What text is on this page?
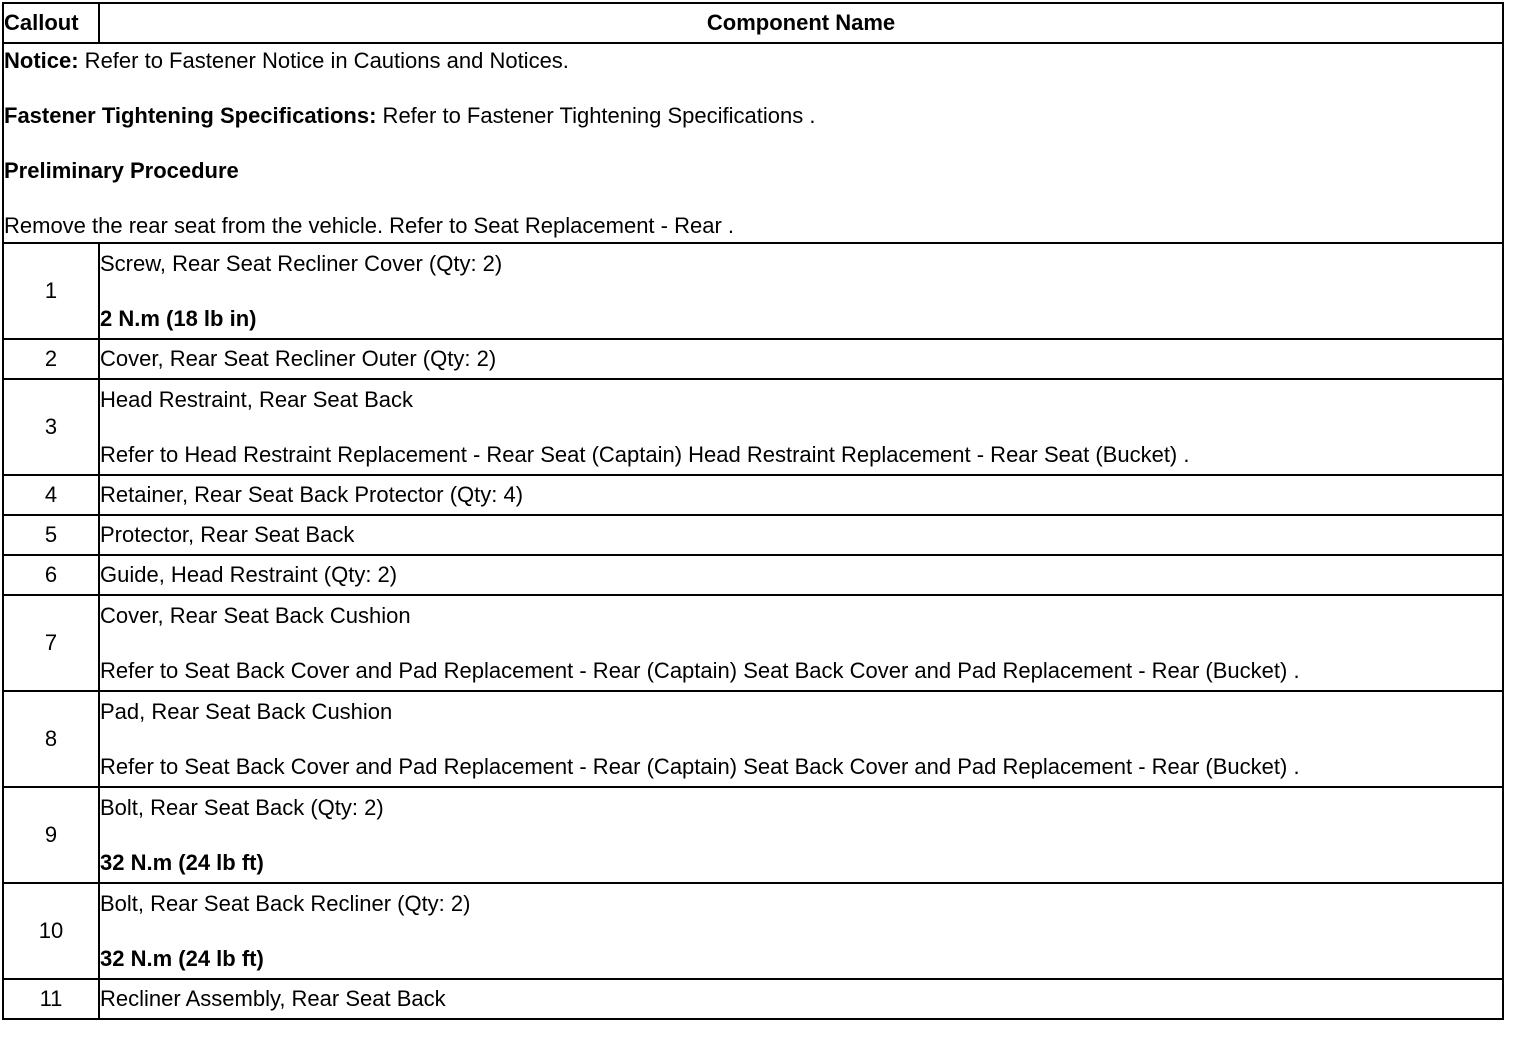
Callout	Component Name

Notice: Refer to Fastener Notice in Cautions and Notices.
Fastener Tightening Specifications: Refer to Fastener Tightening Specifications .
Preliminary Procedure
Remove the rear seat from the vehicle. Refer to Seat Replacement - Rear .	

1	Screw, Rear Seat Recliner Cover (Qty: 2)
2 N.m (18 lb in)

2	Cover, Rear Seat Recliner Outer (Qty: 2)
3	Head Restraint, Rear Seat Back
Refer to Head Restraint Replacement - Rear Seat (Captain) Head Restraint Replacement - Rear Seat (Bucket) .

4	Retainer, Rear Seat Back Protector (Qty: 4)
5	Protector, Rear Seat Back
6	Guide, Head Restraint (Qty: 2)
7	Cover, Rear Seat Back Cushion
Refer to Seat Back Cover and Pad Replacement - Rear (Captain) Seat Back Cover and Pad Replacement - Rear (Bucket) .

8	Pad, Rear Seat Back Cushion
Refer to Seat Back Cover and Pad Replacement - Rear (Captain) Seat Back Cover and Pad Replacement - Rear (Bucket) .

9	Bolt, Rear Seat Back (Qty: 2)
32 N.m (24 lb ft)

10	Bolt, Rear Seat Back Recliner (Qty: 2)
32 N.m (24 lb ft)

11	Recliner Assembly, Rear Seat Back
